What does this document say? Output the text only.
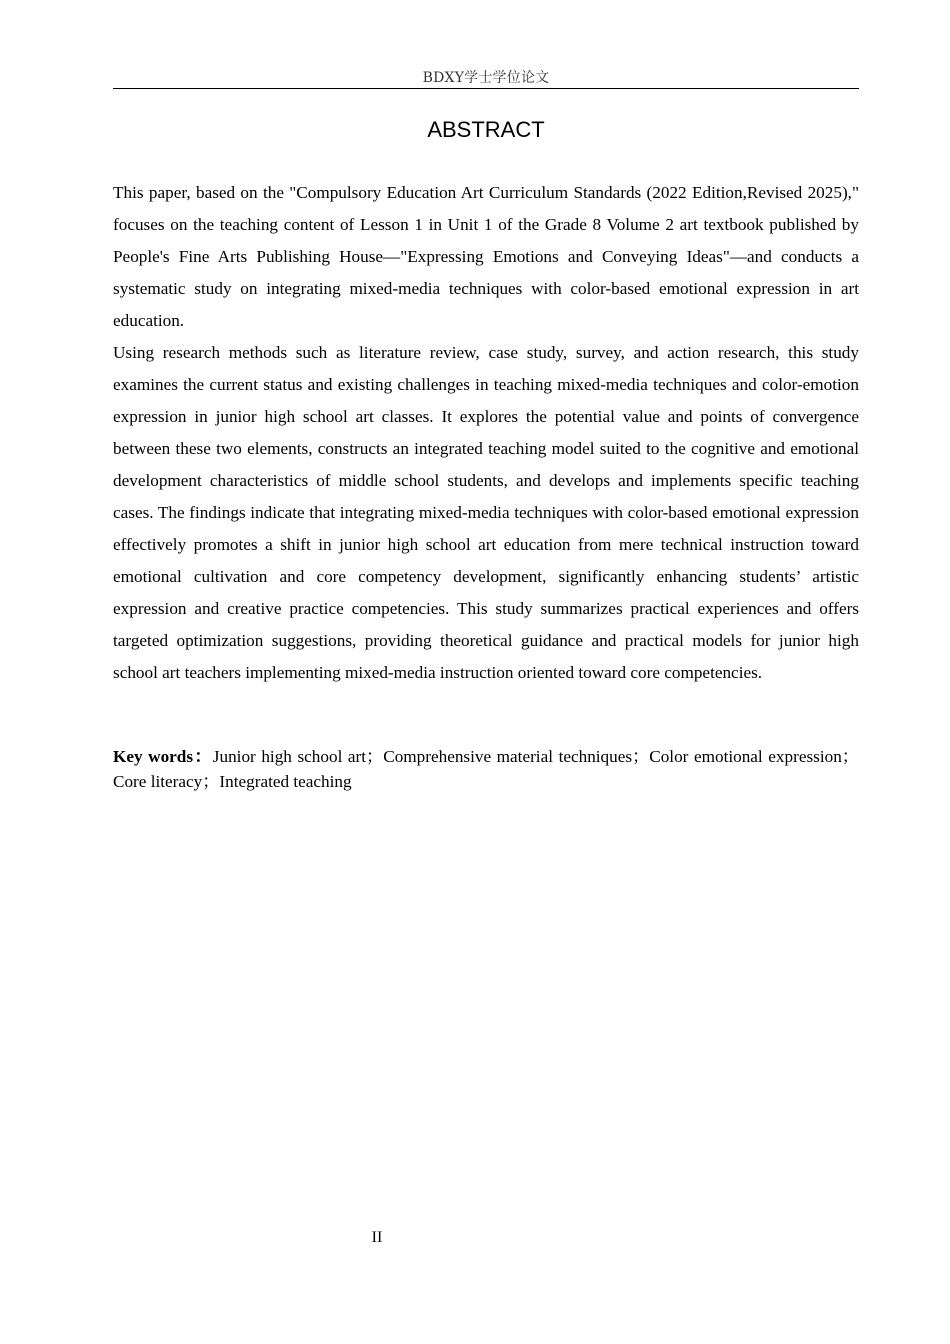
BDXY学士学位论文
ABSTRACT

This paper, based on the "Compulsory Education Art Curriculum Standards (2022 Edition,Revised 2025)," focuses on the teaching content of Lesson 1 in Unit 1 of the Grade 8 Volume 2 art textbook published by People's Fine Arts Publishing House—"Expressing Emotions and Conveying Ideas"—and conducts a systematic study on integrating mixed-media techniques with color-based emotional expression in art education.

Using research methods such as literature review, case study, survey, and action research, this study examines the current status and existing challenges in teaching mixed-media techniques and color-emotion expression in junior high school art classes. It explores the potential value and points of convergence between these two elements, constructs an integrated teaching model suited to the cognitive and emotional development characteristics of middle school students, and develops and implements specific teaching cases. The findings indicate that integrating mixed-media techniques with color-based emotional expression effectively promotes a shift in junior high school art education from mere technical instruction toward emotional cultivation and core competency development, significantly enhancing students’ artistic expression and creative practice competencies. This study summarizes practical experiences and offers targeted optimization suggestions, providing theoretical guidance and practical models for junior high school art teachers implementing mixed-media instruction oriented toward core competencies.

Key words：Junior high school art；Comprehensive material techniques；Color emotional expression；Core literacy；Integrated teaching
II
